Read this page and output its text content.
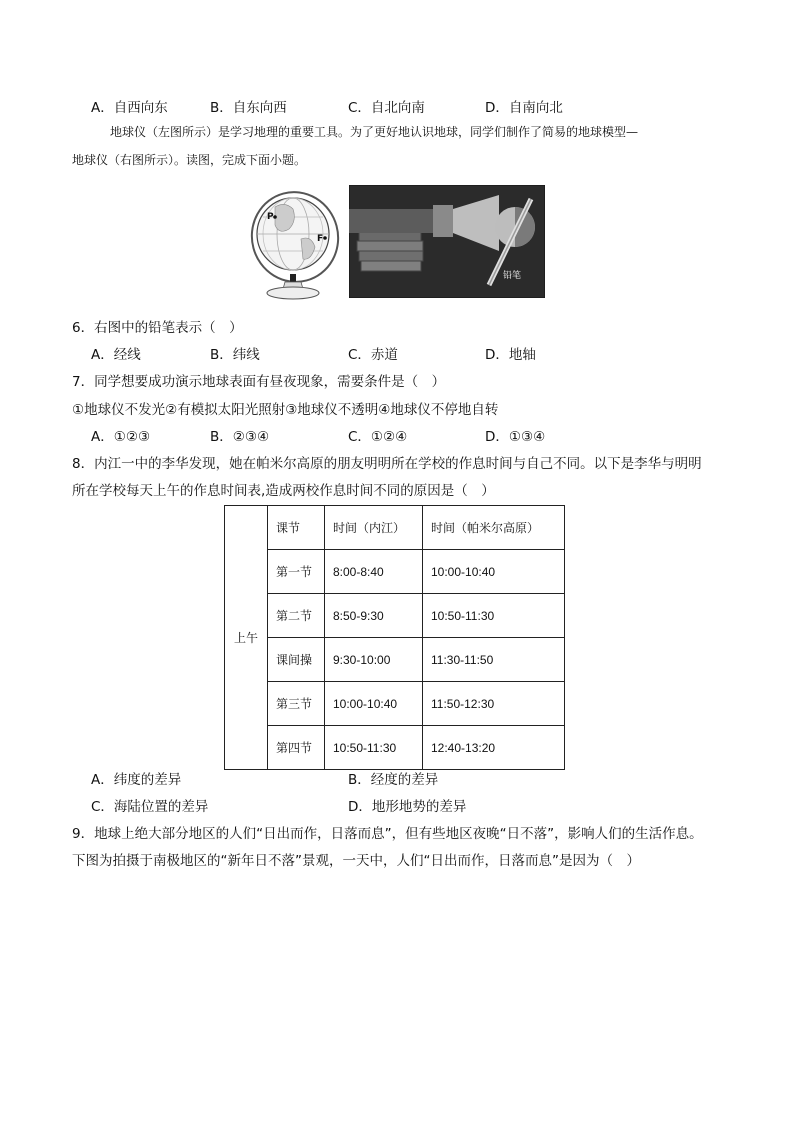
A．自西向东	B．自东向西	C．自北向南	D．自南向北
地球仪（左图所示）是学习地理的重要工具。为了更好地认识地球，同学们制作了简易的地球模型—
地球仪（右图所示）。读图，完成下面小题。
P
F
铅笔
6．右图中的铅笔表示（　）
A．经线	B．纬线	C．赤道	D．地轴
7．同学想要成功演示地球表面有昼夜现象，需要条件是（　）
①地球仪不发光②有模拟太阳光照射③地球仪不透明④地球仪不停地自转
A．①②③	B．②③④	C．①②④	D．①③④
8．内江一中的李华发现，她在帕米尔高原的朋友明明所在学校的作息时间与自己不同。以下是李华与明明
所在学校每天上午的作息时间表,造成两校作息时间不同的原因是（　）
上午	课节	时间（内江）	时间（帕米尔高原）
	第一节	8:00-8:40	10:00-10:40
	第二节	8:50-9:30	10:50-11:30
	课间操	9:30-10:00	11:30-11:50
	第三节	10:00-10:40	11:50-12:30
	第四节	10:50-11:30	12:40-13:20
A．纬度的差异	B．经度的差异
C．海陆位置的差异	D．地形地势的差异
9．地球上绝大部分地区的人们“日出而作，日落而息”，但有些地区夜晚“日不落”，影响人们的生活作息。
下图为拍摄于南极地区的“新年日不落”景观，一天中，人们“日出而作，日落而息”是因为（　）
